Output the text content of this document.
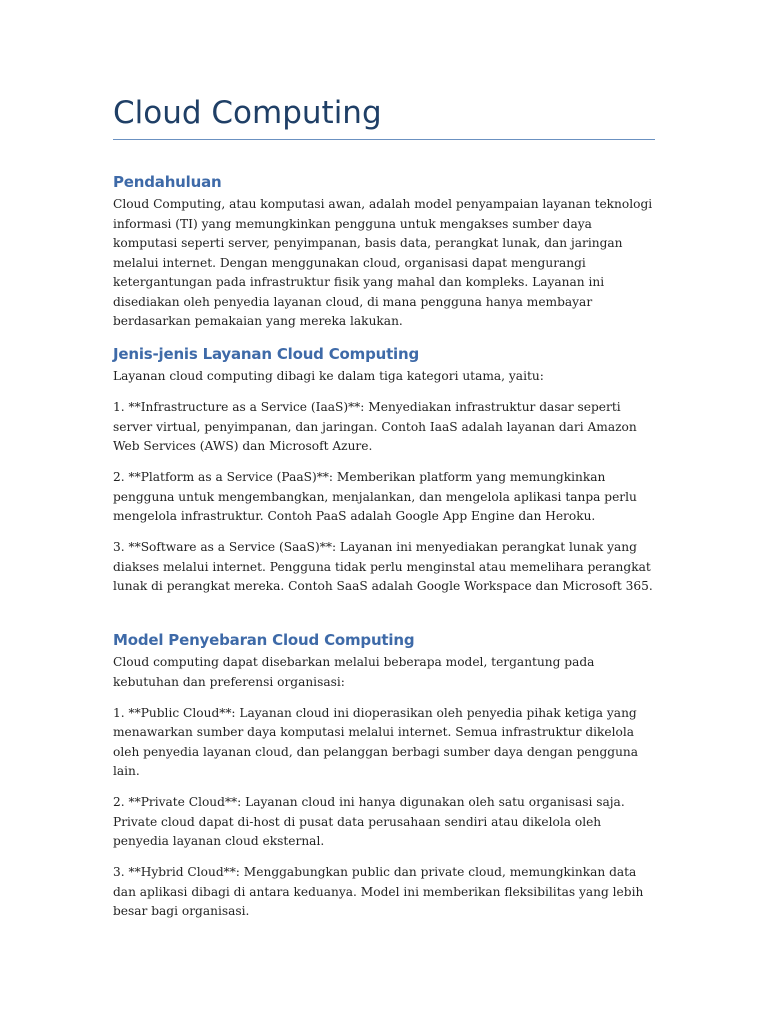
Cloud Computing
Pendahuluan

Cloud Computing, atau komputasi awan, adalah model penyampaian layanan teknologi informasi (TI) yang memungkinkan pengguna untuk mengakses sumber daya komputasi seperti server, penyimpanan, basis data, perangkat lunak, dan jaringan melalui internet. Dengan menggunakan cloud, organisasi dapat mengurangi ketergantungan pada infrastruktur fisik yang mahal dan kompleks. Layanan ini disediakan oleh penyedia layanan cloud, di mana pengguna hanya membayar berdasarkan pemakaian yang mereka lakukan.

Jenis-jenis Layanan Cloud Computing

Layanan cloud computing dibagi ke dalam tiga kategori utama, yaitu:

1. **Infrastructure as a Service (IaaS)**: Menyediakan infrastruktur dasar seperti server virtual, penyimpanan, dan jaringan. Contoh IaaS adalah layanan dari Amazon Web Services (AWS) dan Microsoft Azure.

2. **Platform as a Service (PaaS)**: Memberikan platform yang memungkinkan pengguna untuk mengembangkan, menjalankan, dan mengelola aplikasi tanpa perlu mengelola infrastruktur. Contoh PaaS adalah Google App Engine dan Heroku.

3. **Software as a Service (SaaS)**: Layanan ini menyediakan perangkat lunak yang diakses melalui internet. Pengguna tidak perlu menginstal atau memelihara perangkat lunak di perangkat mereka. Contoh SaaS adalah Google Workspace dan Microsoft 365.

Model Penyebaran Cloud Computing

Cloud computing dapat disebarkan melalui beberapa model, tergantung pada kebutuhan dan preferensi organisasi:

1. **Public Cloud**: Layanan cloud ini dioperasikan oleh penyedia pihak ketiga yang menawarkan sumber daya komputasi melalui internet. Semua infrastruktur dikelola oleh penyedia layanan cloud, dan pelanggan berbagi sumber daya dengan pengguna lain.

2. **Private Cloud**: Layanan cloud ini hanya digunakan oleh satu organisasi saja. Private cloud dapat di-host di pusat data perusahaan sendiri atau dikelola oleh penyedia layanan cloud eksternal.

3. **Hybrid Cloud**: Menggabungkan public dan private cloud, memungkinkan data dan aplikasi dibagi di antara keduanya. Model ini memberikan fleksibilitas yang lebih besar bagi organisasi.
